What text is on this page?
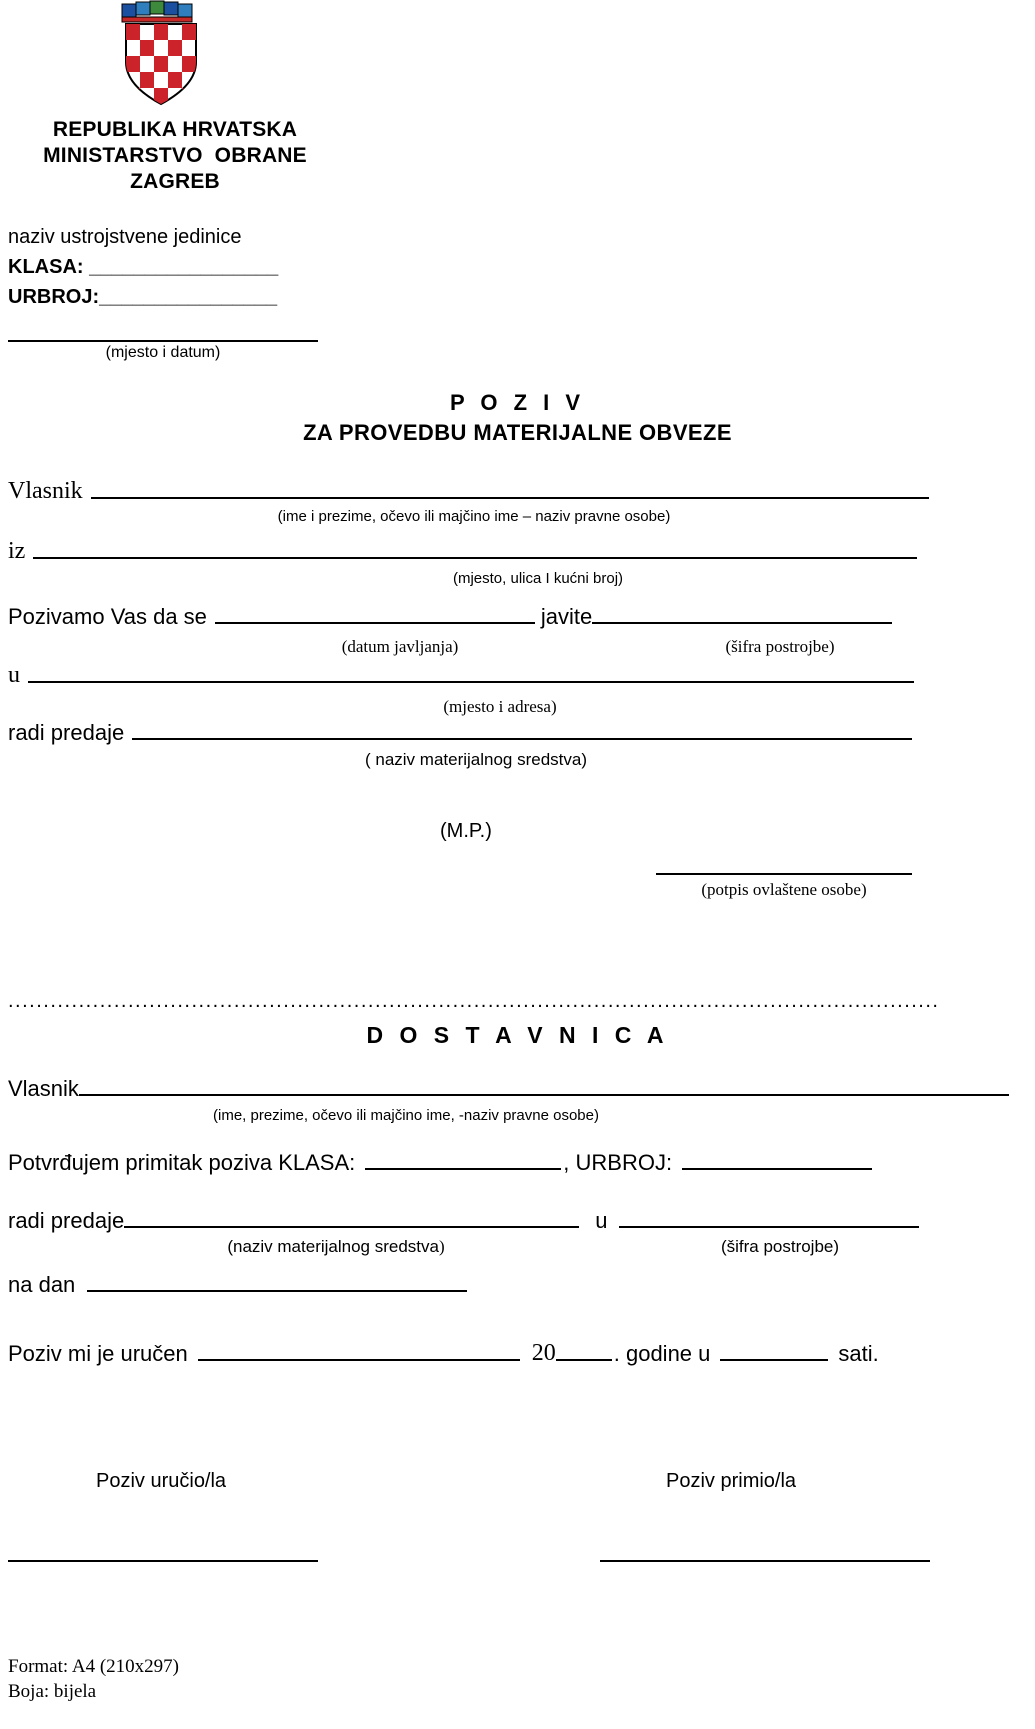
REPUBLIKA HRVATSKA
MINISTARSTVO  OBRANE
ZAGREB
naziv ustrojstvene jedinice
KLASA: _________________
URBROJ:________________
(mjesto i datum)
P O Z I V
ZA PROVEDBU MATERIJALNE OBVEZE
Vlasnik
(ime i prezime, očevo ili majčino ime – naziv pravne osobe)
iz
(mjesto, ulica I kućni broj)
Pozivamo Vas da se	javite
(datum javljanja)	(šifra postrojbe)
u
(mjesto i adresa)
radi predaje
( naziv materijalnog sredstva)
(M.P.)
(potpis ovlaštene osobe)
....................................................................................................................................
D O S T A V N I C A
Vlasnik
(ime, prezime, očevo ili majčino ime, -naziv pravne osobe)
Potvrđujem primitak poziva KLASA:	, URBROJ:
radi predaje	u
(naziv materijalnog sredstva)	(šifra postrojbe)
na dan
Poziv mi je uručen	20	. godine u	sati.
Poziv uručio/la	Poziv primio/la
Format: A4 (210x297)
Boja: bijela
